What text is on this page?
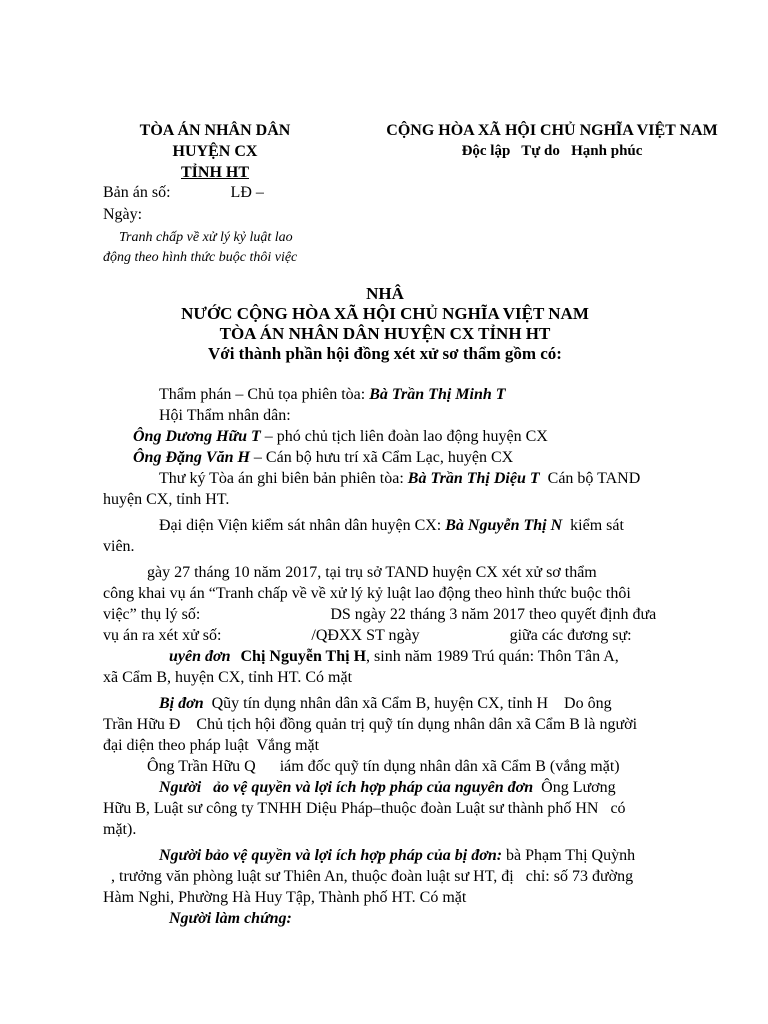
TÒA ÁN NHÂN DÂN
HUYỆN CX
TỈNH HT
CỘNG HÒA XÃ HỘI CHỦ NGHĨA VIỆT NAM
Độc lập   Tự do   Hạnh phúc
Bản án số:	LĐ –
Ngày:
Tranh chấp về xử lý kỷ luật lao
động theo hình thức buộc thôi việc
NHÂ
NƯỚC CỘNG HÒA XÃ HỘI CHỦ NGHĨA VIỆT NAM
TÒA ÁN NHÂN DÂN HUYỆN CX TỈNH HT
Với thành phần hội đồng xét xử sơ thẩm gồm có:
Thẩm phán – Chủ tọa phiên tòa: Bà Trần Thị Minh T
Hội Thẩm nhân dân:
Ông Dương Hữu T – phó chủ tịch liên đoàn lao động huyện CX
Ông Đặng Văn H – Cán bộ hưu trí xã Cẩm Lạc, huyện CX
Thư ký Tòa án ghi biên bản phiên tòa: Bà Trần Thị Diệu T  Cán bộ TAND
huyện CX, tỉnh HT.
Đại diện Viện kiểm sát nhân dân huyện CX: Bà Nguyễn Thị N  kiểm sát
viên.
gày 27 tháng 10 năm 2017, tại trụ sở TAND huyện CX xét xử sơ thẩm
công khai vụ án “Tranh chấp về về xử lý kỷ luật lao động theo hình thức buộc thôi
việc” thụ lý số:	DS ngày 22 tháng 3 năm 2017 theo quyết định đưa
vụ án ra xét xử số:	/QĐXX ST ngày	giữa các đương sự:
uyên đơn Chị Nguyễn Thị H, sinh năm 1989 Trú quán: Thôn Tân A,
xã Cẩm B, huyện CX, tỉnh HT. Có mặt
Bị đơn  Qũy tín dụng nhân dân xã Cẩm B, huyện CX, tỉnh H    Do ông
Trần Hữu Đ    Chủ tịch hội đồng quản trị quỹ tín dụng nhân dân xã Cẩm B là người
đại diện theo pháp luật  Vắng mặt
Ông Trần Hữu Q      iám đốc quỹ tín dụng nhân dân xã Cẩm B (vắng mặt)
Người   ảo vệ quyền và lợi ích hợp pháp của nguyên đơn  Ông Lương
Hữu B, Luật sư công ty TNHH Diệu Pháp–thuộc đoàn Luật sư thành phố HN   có
mặt).
Người bảo vệ quyền và lợi ích hợp pháp của bị đơn: bà Phạm Thị Quỳnh
, trưởng văn phòng luật sư Thiên An, thuộc đoàn luật sư HT, đị   chỉ: số 73 đường
Hàm Nghi, Phường Hà Huy Tập, Thành phố HT. Có mặt
Người làm chứng:
